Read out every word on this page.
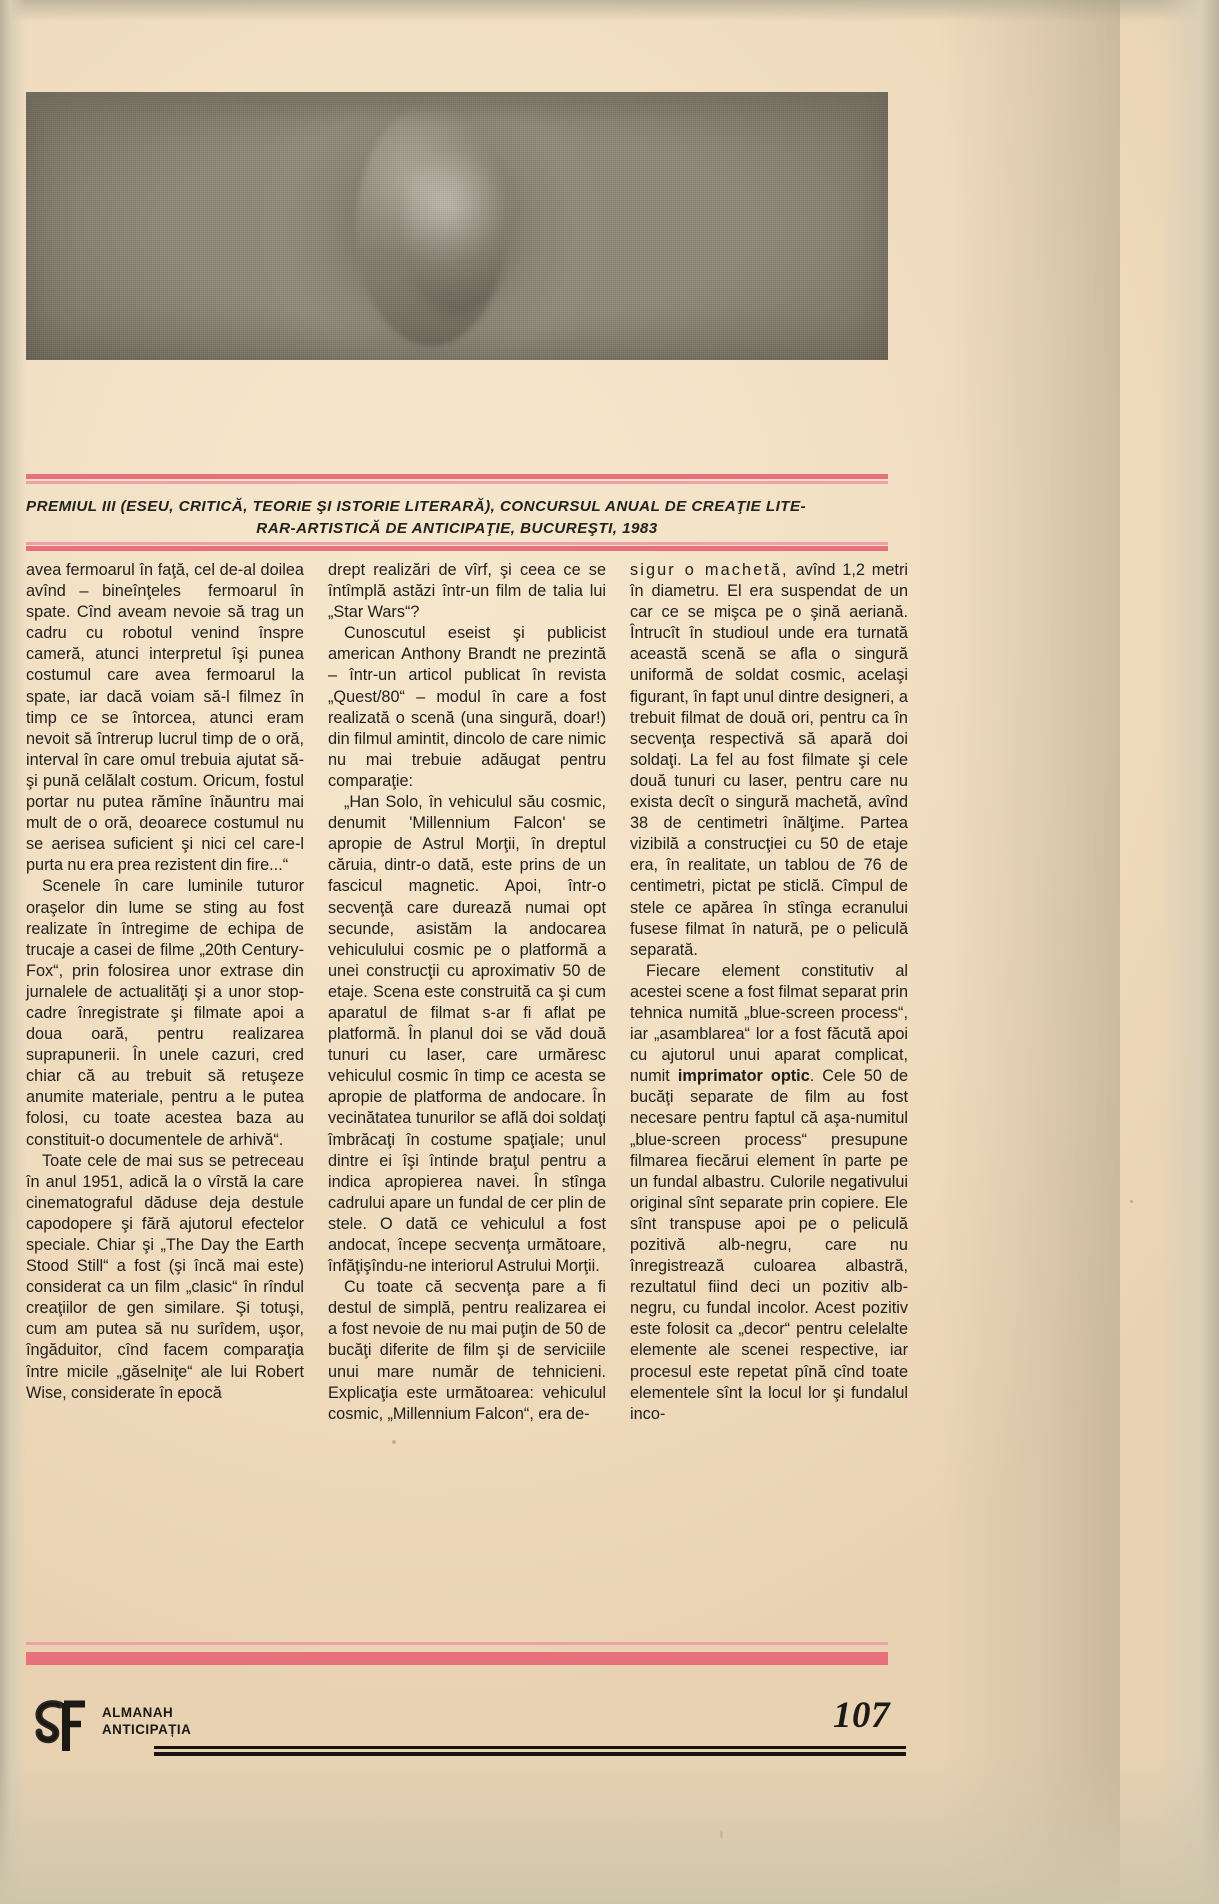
PREMIUL III (ESEU, CRITICĂ, TEORIE ŞI ISTORIE LITERARĂ), CONCURSUL ANUAL DE CREAŢIE LITE-
RAR-ARTISTICĂ DE ANTICIPAŢIE, BUCUREŞTI, 1983

avea fermoarul în faţă, cel de-al doilea avînd – bineînţeles fermoarul în spate. Cînd aveam nevoie să trag un cadru cu robotul venind înspre cameră, atunci interpretul îşi punea costumul care avea fermoarul la spate, iar dacă voiam să-l filmez în timp ce se întorcea, atunci eram nevoit să întrerup lucrul timp de o oră, interval în care omul trebuia ajutat să-şi pună celălalt costum. Oricum, fostul portar nu putea rămîne înăuntru mai mult de o oră, deoarece costumul nu se aerisea suficient şi nici cel care-l purta nu era prea rezistent din fire...“

Scenele în care luminile tuturor oraşelor din lume se sting au fost realizate în întregime de echipa de trucaje a casei de filme „20th Century-Fox“, prin folosirea unor extrase din jurnalele de actualităţi şi a unor stop-cadre înregistrate şi filmate apoi a doua oară, pentru realizarea suprapunerii. În unele cazuri, cred chiar că au trebuit să retuşeze anumite materiale, pentru a le putea folosi, cu toate acestea baza au constituit-o documentele de arhivă“.

Toate cele de mai sus se petreceau în anul 1951, adică la o vîrstă la care cinematograful dăduse deja destule capodopere şi fără ajutorul efectelor speciale. Chiar şi „The Day the Earth Stood Still“ a fost (şi încă mai este) considerat ca un film „clasic“ în rîndul creaţiilor de gen similare. Şi totuşi, cum am putea să nu surîdem, uşor, îngăduitor, cînd facem comparaţia între micile „găselniţe“ ale lui Robert Wise, considerate în epocă

drept realizări de vîrf, şi ceea ce se întîmplă astăzi într-un film de talia lui „Star Wars“?

Cunoscutul eseist şi publicist american Anthony Brandt ne prezintă – într-un articol publicat în revista „Quest/80“ – modul în care a fost realizată o scenă (una singură, doar!) din filmul amintit, dincolo de care nimic nu mai trebuie adăugat pentru comparaţie:

„Han Solo, în vehiculul său cosmic, denumit 'Millennium Falcon' se apropie de Astrul Morţii, în dreptul căruia, dintr-o dată, este prins de un fascicul magnetic. Apoi, într-o secvenţă care durează numai opt secunde, asistăm la andocarea vehiculului cosmic pe o platformă a unei construcţii cu aproximativ 50 de etaje. Scena este construită ca şi cum aparatul de filmat s-ar fi aflat pe platformă. În planul doi se văd două tunuri cu laser, care urmăresc vehiculul cosmic în timp ce acesta se apropie de platforma de andocare. În vecinătatea tunurilor se află doi soldaţi îmbrăcaţi în costume spaţiale; unul dintre ei îşi întinde braţul pentru a indica apropierea navei. În stînga cadrului apare un fundal de cer plin de stele. O dată ce vehiculul a fost andocat, începe secvenţa următoare, înfăţişîndu-ne interiorul Astrului Morţii.

Cu toate că secvenţa pare a fi destul de simplă, pentru realizarea ei a fost nevoie de nu mai puţin de 50 de bucăţi diferite de film şi de serviciile unui mare număr de tehnicieni. Explicaţia este următoarea: vehiculul cosmic, „Millennium Falcon“, era de-

sigur o machetă, avînd 1,2 metri în diametru. El era suspendat de un car ce se mişca pe o şină aeriană. Întrucît în studioul unde era turnată această scenă se afla o singură uniformă de soldat cosmic, acelaşi figurant, în fapt unul dintre designeri, a trebuit filmat de două ori, pentru ca în secvenţa respectivă să apară doi soldaţi. La fel au fost filmate şi cele două tunuri cu laser, pentru care nu exista decît o singură machetă, avînd 38 de centimetri înălţime. Partea vizibilă a construcţiei cu 50 de etaje era, în realitate, un tablou de 76 de centimetri, pictat pe sticlă. Cîmpul de stele ce apărea în stînga ecranului fusese filmat în natură, pe o peliculă separată.

Fiecare element constitutiv al acestei scene a fost filmat separat prin tehnica numită „blue-screen process“, iar „asamblarea“ lor a fost făcută apoi cu ajutorul unui aparat complicat, numit imprimator optic. Cele 50 de bucăţi separate de film au fost necesare pentru faptul că aşa-numitul „blue-screen process“ presupune filmarea fiecărui element în parte pe un fundal albastru. Culorile negativului original sînt separate prin copiere. Ele sînt transpuse apoi pe o peliculă pozitivă alb-negru, care nu înregistrează culoarea albastră, rezultatul fiind deci un pozitiv alb-negru, cu fundal incolor. Acest pozitiv este folosit ca „decor“ pentru celelalte elemente ale scenei respective, iar procesul este repetat pînă cînd toate elementele sînt la locul lor şi fundalul inco-

ALMANAH
ANTICIPAȚIA	107
